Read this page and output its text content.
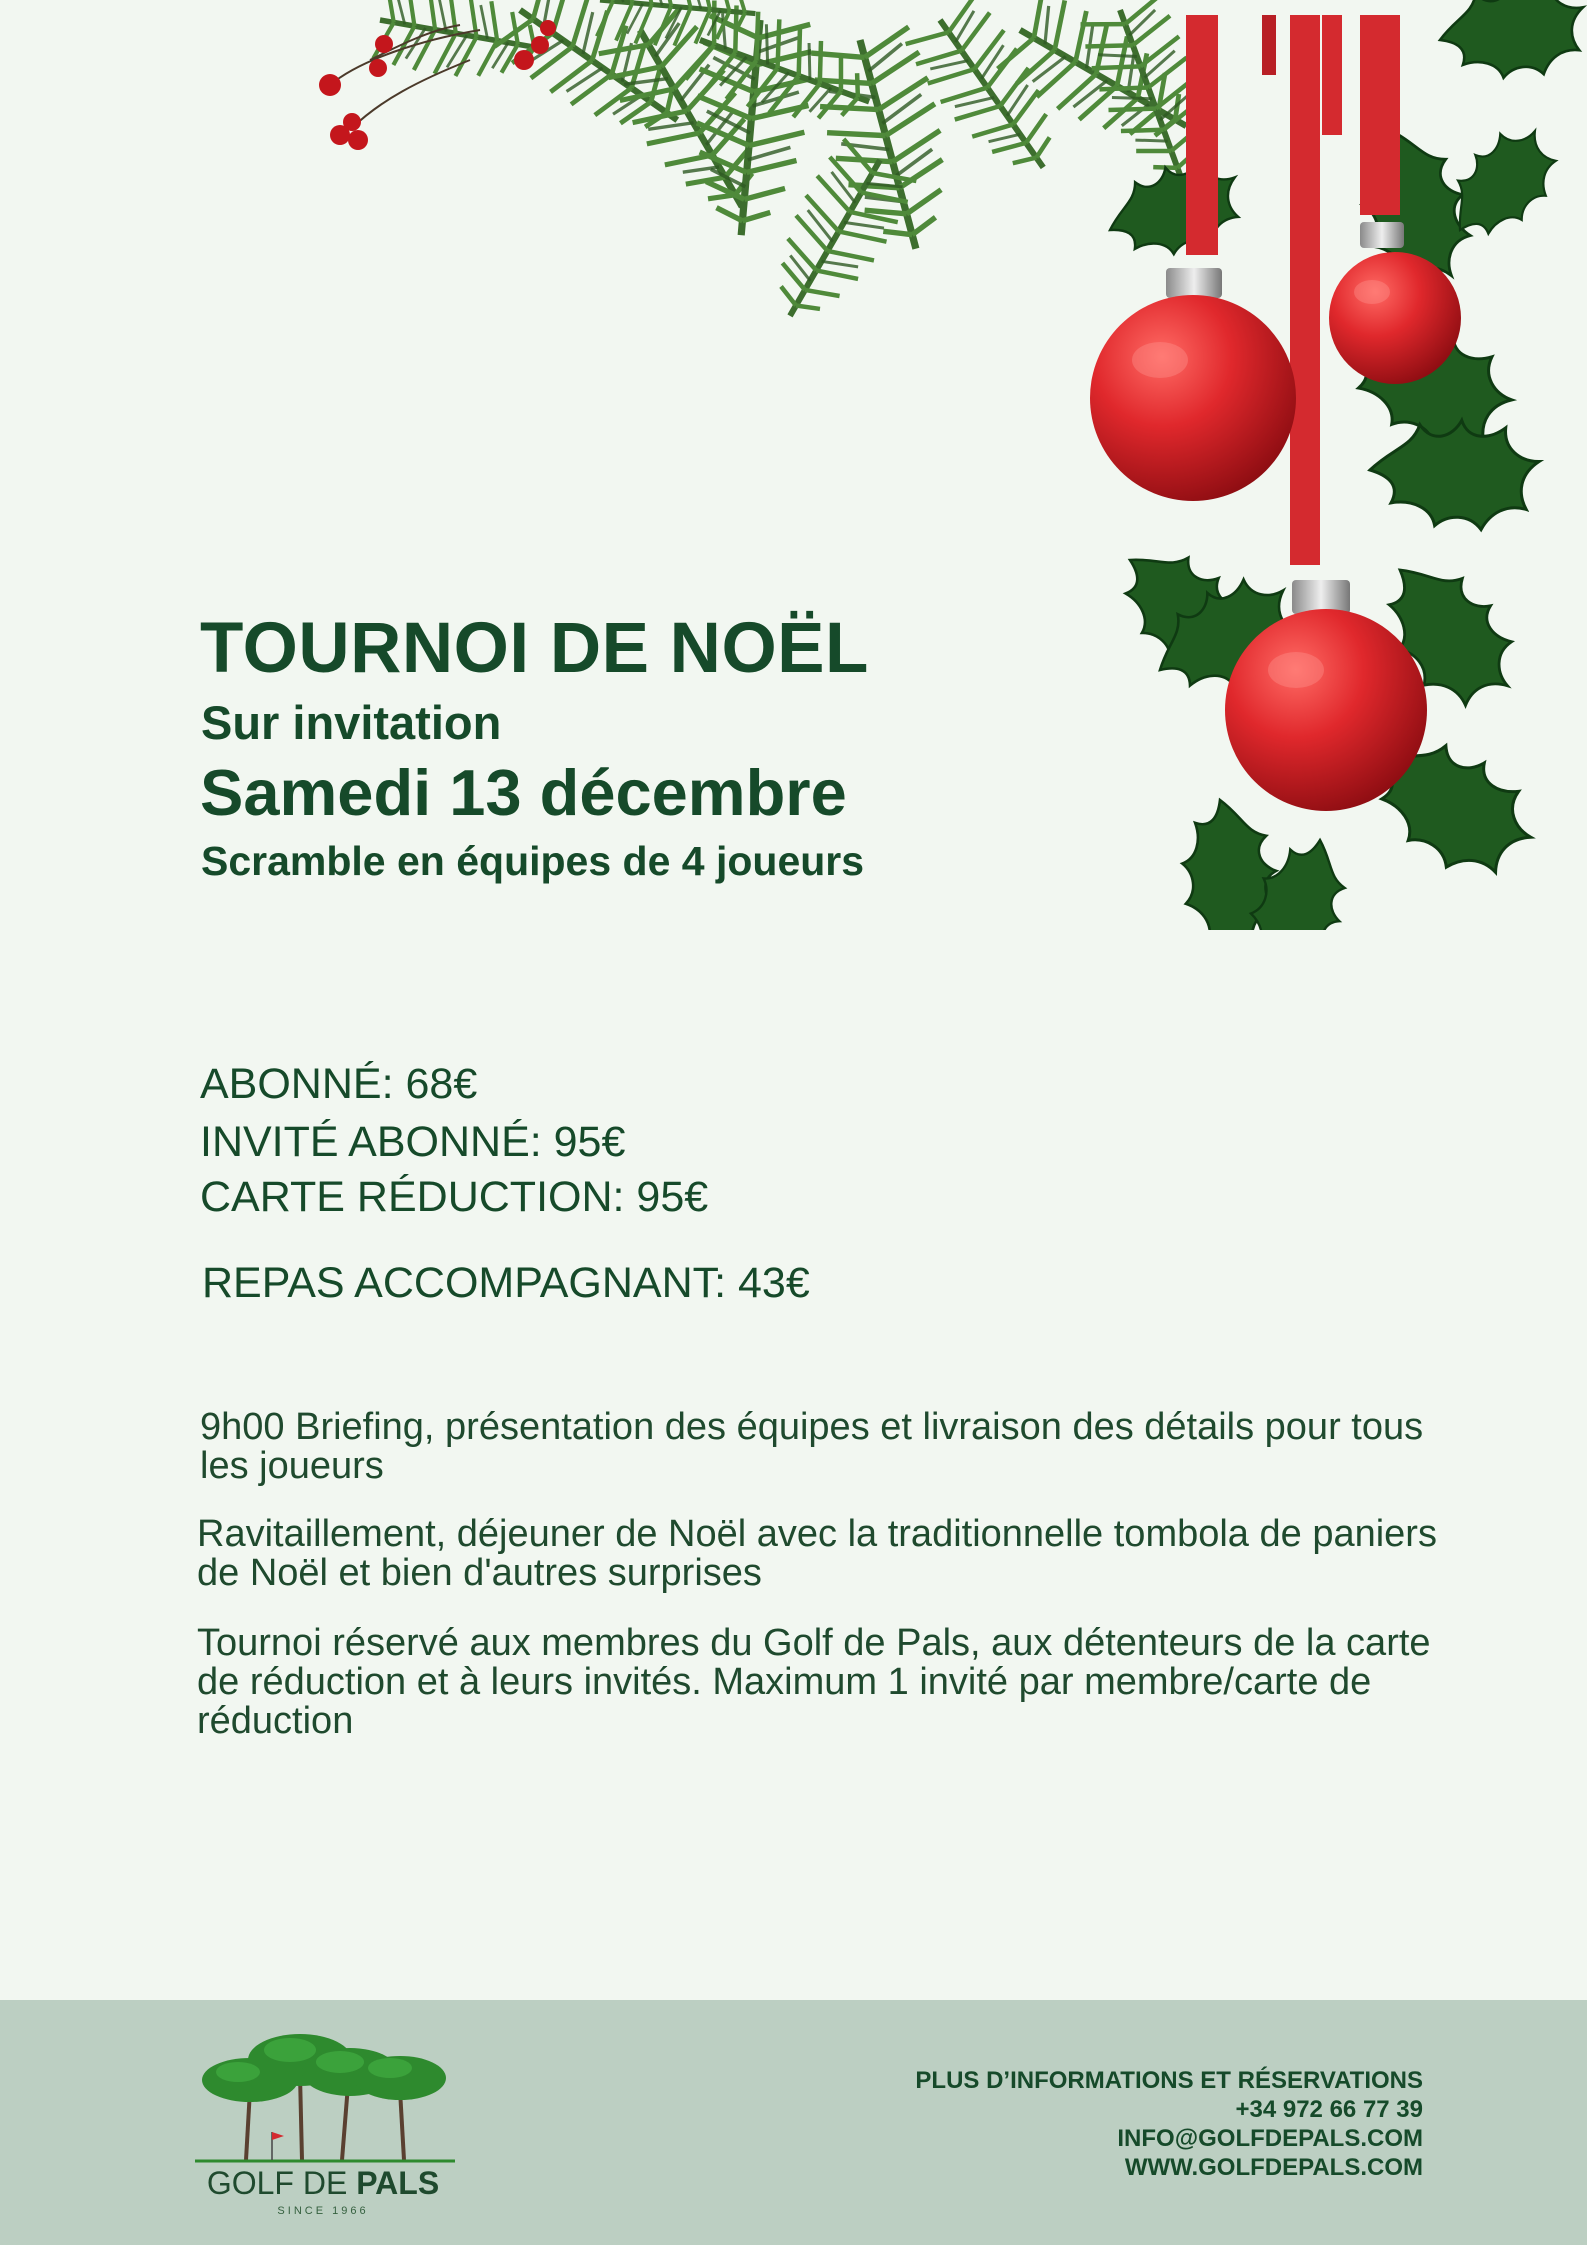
TOURNOI DE NOËL

Sur invitation

Samedi 13 décembre

Scramble en équipes de 4 joueurs

ABONNÉ: 68€

INVITÉ ABONNÉ: 95€

CARTE RÉDUCTION: 95€

REPAS ACCOMPAGNANT: 43€

9h00 Briefing, présentation des équipes et livraison des détails pour tous les joueurs

Ravitaillement, déjeuner de Noël avec la traditionnelle tombola de paniers de Noël et bien d'autres surprises

Tournoi réservé aux membres du Golf de Pals, aux détenteurs de la carte de réduction et à leurs invités. Maximum 1 invité par membre/carte de réduction

GOLF DE PALS

SINCE 1966

PLUS D’INFORMATIONS ET RÉSERVATIONS
+34 972 66 77 39
INFO@GOLFDEPALS.COM
WWW.GOLFDEPALS.COM
